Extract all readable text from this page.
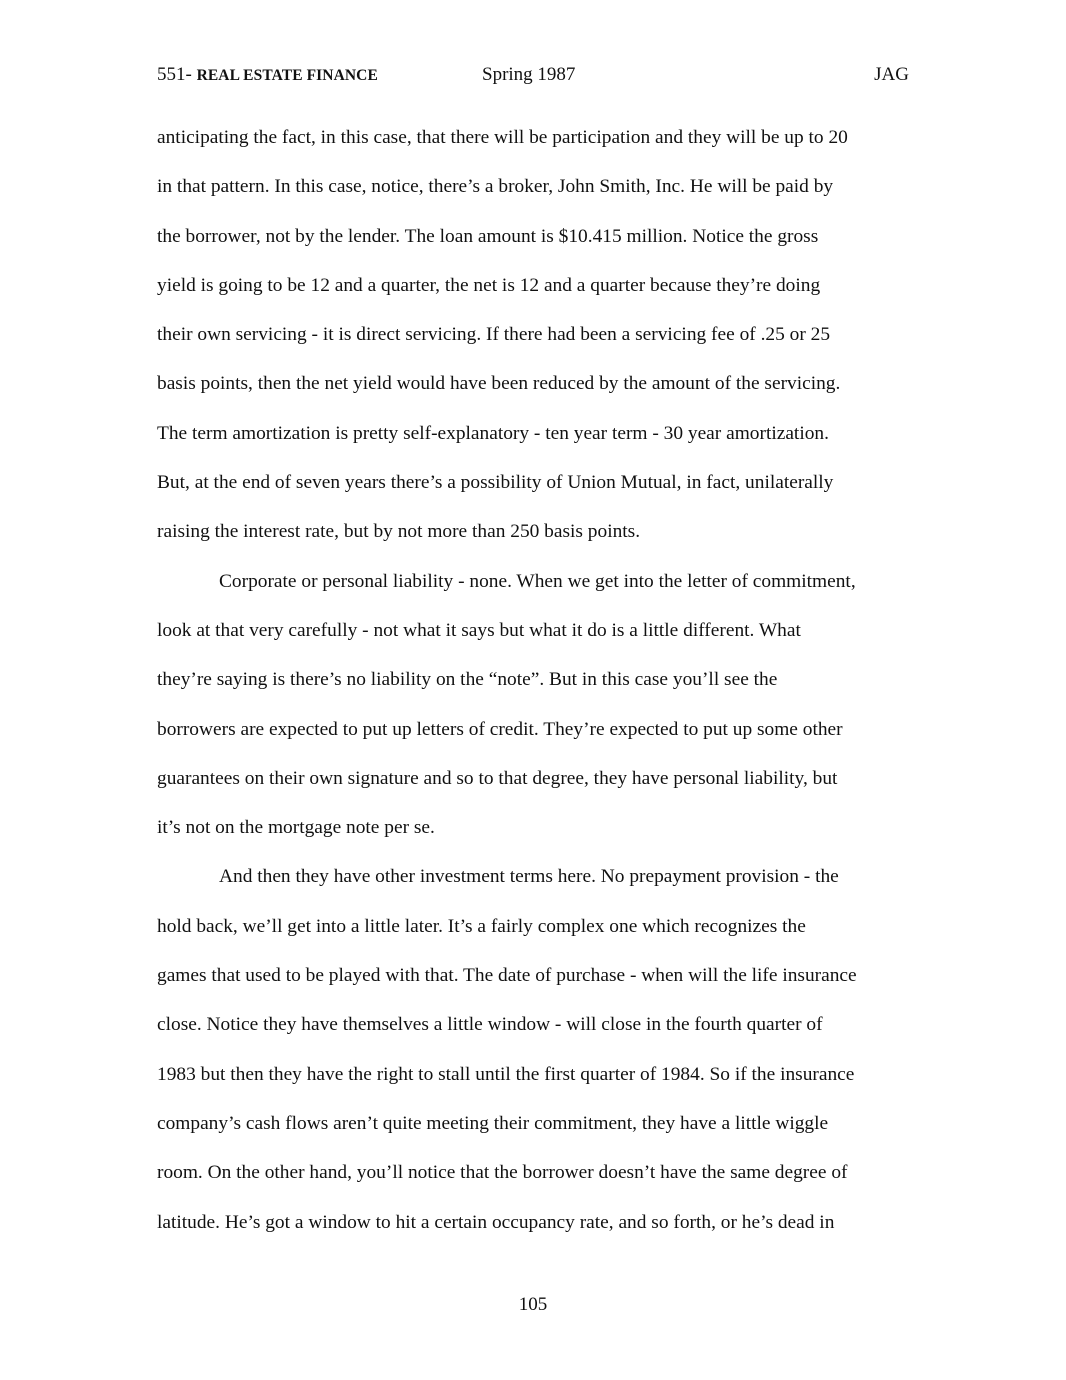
551- REAL ESTATE FINANCE	Spring 1987	JAG
anticipating the fact, in this case, that there will be participation and they will be up to 20
in that pattern. In this case, notice, there’s a broker, John Smith, Inc. He will be paid by
the borrower, not by the lender. The loan amount is $10.415 million. Notice the gross
yield is going to be 12 and a quarter, the net is 12 and a quarter because they’re doing
their own servicing - it is direct servicing. If there had been a servicing fee of .25 or 25
basis points, then the net yield would have been reduced by the amount of the servicing.
The term amortization is pretty self-explanatory - ten year term - 30 year amortization.
But, at the end of seven years there’s a possibility of Union Mutual, in fact, unilaterally
raising the interest rate, but by not more than 250 basis points.
Corporate or personal liability - none. When we get into the letter of commitment,
look at that very carefully - not what it says but what it do is a little different. What
they’re saying is there’s no liability on the “note”. But in this case you’ll see the
borrowers are expected to put up letters of credit. They’re expected to put up some other
guarantees on their own signature and so to that degree, they have personal liability, but
it’s not on the mortgage note per se.
And then they have other investment terms here. No prepayment provision - the
hold back, we’ll get into a little later. It’s a fairly complex one which recognizes the
games that used to be played with that. The date of purchase - when will the life insurance
close. Notice they have themselves a little window - will close in the fourth quarter of
1983 but then they have the right to stall until the first quarter of 1984. So if the insurance
company’s cash flows aren’t quite meeting their commitment, they have a little wiggle
room. On the other hand, you’ll notice that the borrower doesn’t have the same degree of
latitude. He’s got a window to hit a certain occupancy rate, and so forth, or he’s dead in
105
